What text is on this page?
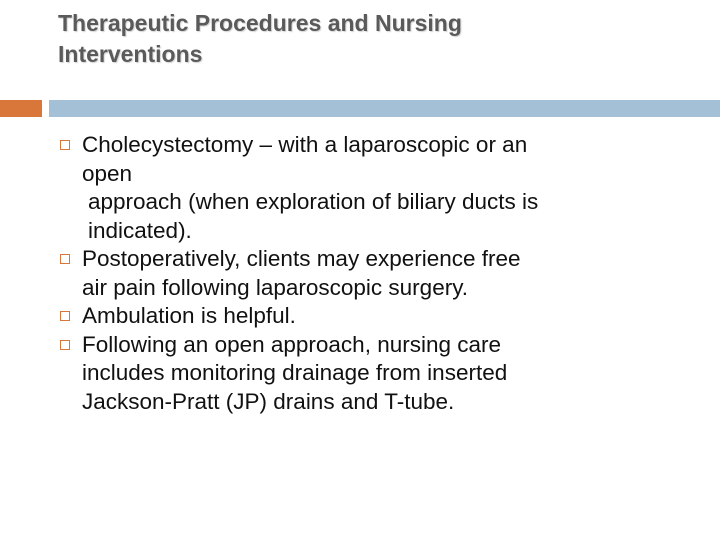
Therapeutic Procedures and Nursing
Interventions
Cholecystectomy – with a laparoscopic or an
open
approach (when exploration of biliary ducts is
indicated).
Postoperatively, clients may experience free
air pain following laparoscopic surgery.
Ambulation is helpful.
Following an open approach, nursing care
includes monitoring drainage from inserted
Jackson-Pratt (JP) drains and T-tube.
